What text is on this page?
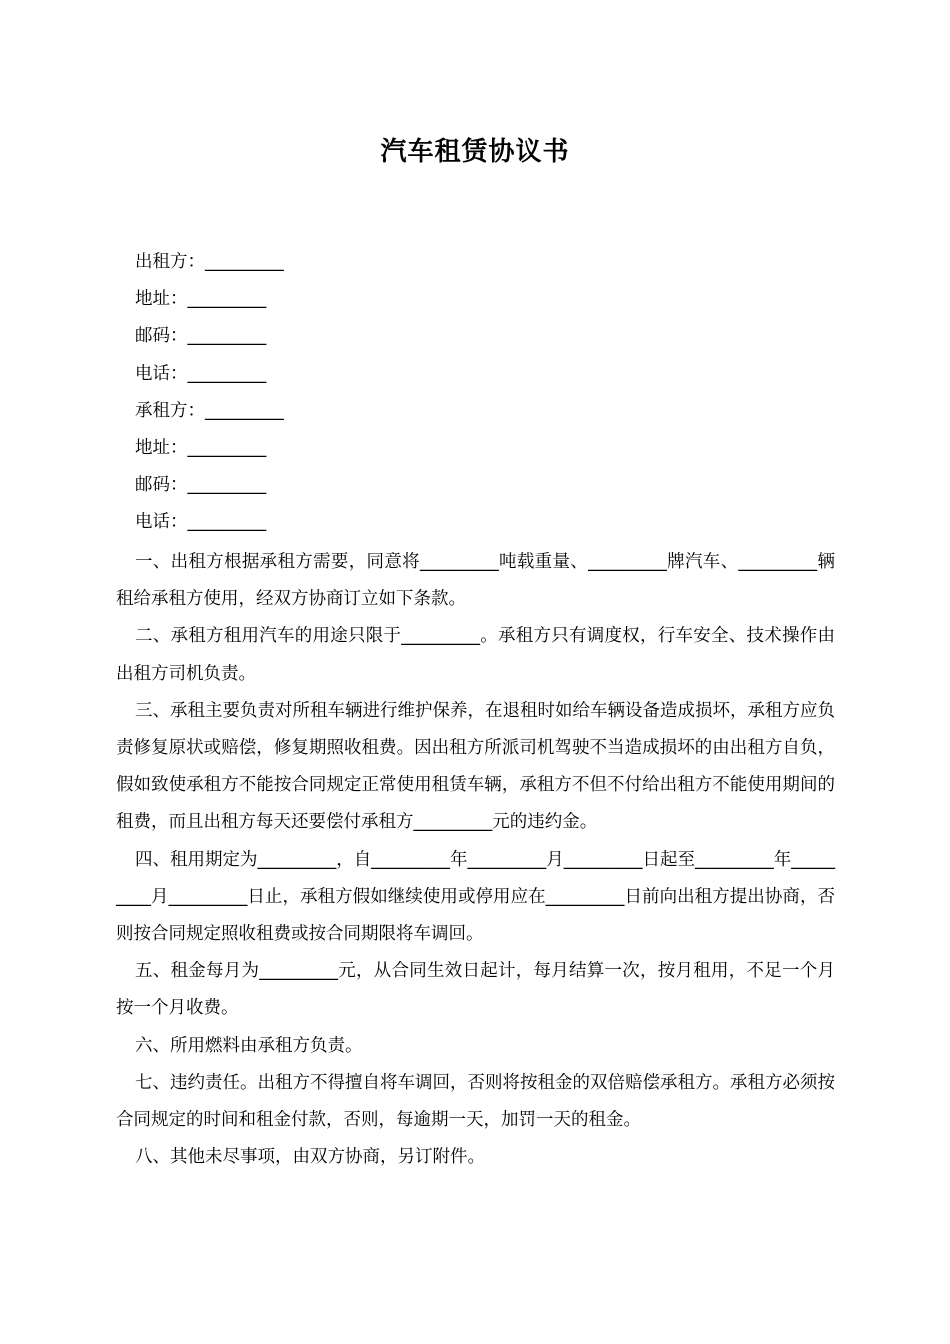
汽车租赁协议书
出租方：_________
地址：_________
邮码：_________
电话：_________
承租方：_________
地址：_________
邮码：_________
电话：_________

一、出租方根据承租方需要，同意将_________吨载重量、_________牌汽车、_________辆租给承租方使用，经双方协商订立如下条款。

二、承租方租用汽车的用途只限于_________。承租方只有调度权，行车安全、技术操作由出租方司机负责。

三、承租主要负责对所租车辆进行维护保养，在退租时如给车辆设备造成损坏，承租方应负责修复原状或赔偿，修复期照收租费。因出租方所派司机驾驶不当造成损坏的由出租方自负，假如致使承租方不能按合同规定正常使用租赁车辆，承租方不但不付给出租方不能使用期间的租费，而且出租方每天还要偿付承租方_________元的违约金。

四、租用期定为_________，自_________年_________月_________日起至_________年_________月_________日止，承租方假如继续使用或停用应在_________日前向出租方提出协商，否则按合同规定照收租费或按合同期限将车调回。

五、租金每月为_________元，从合同生效日起计，每月结算一次，按月租用，不足一个月按一个月收费。

六、所用燃料由承租方负责。

七、违约责任。出租方不得擅自将车调回，否则将按租金的双倍赔偿承租方。承租方必须按合同规定的时间和租金付款，否则，每逾期一天，加罚一天的租金。

八、其他未尽事项，由双方协商，另订附件。
